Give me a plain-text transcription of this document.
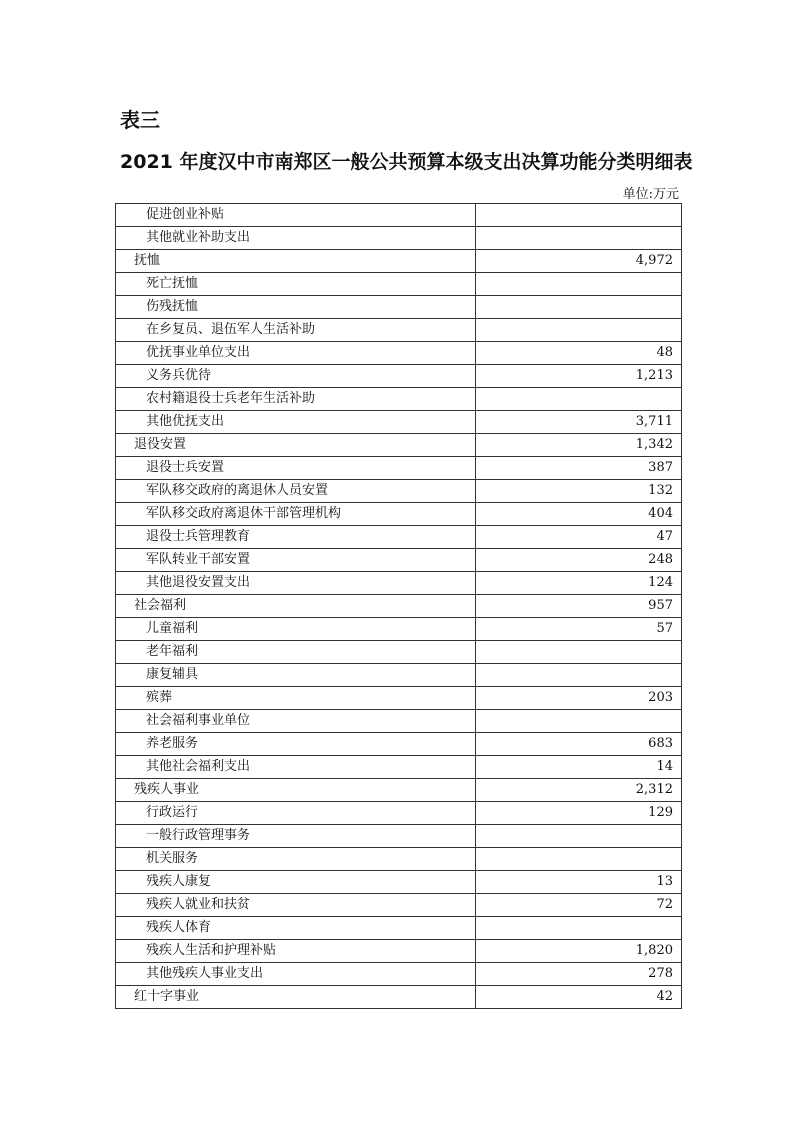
表三
2021 年度汉中市南郑区一般公共预算本级支出决算功能分类明细表
单位:万元
促进创业补贴	
其他就业补助支出	
抚恤	4,972
死亡抚恤	
伤残抚恤	
在乡复员、退伍军人生活补助	
优抚事业单位支出	48
义务兵优待	1,213
农村籍退役士兵老年生活补助	
其他优抚支出	3,711
退役安置	1,342
退役士兵安置	387
军队移交政府的离退休人员安置	132
军队移交政府离退休干部管理机构	404
退役士兵管理教育	47
军队转业干部安置	248
其他退役安置支出	124
社会福利	957
儿童福利	57
老年福利	
康复辅具	
殡葬	203
社会福利事业单位	
养老服务	683
其他社会福利支出	14
残疾人事业	2,312
行政运行	129
一般行政管理事务	
机关服务	
残疾人康复	13
残疾人就业和扶贫	72
残疾人体育	
残疾人生活和护理补贴	1,820
其他残疾人事业支出	278
红十字事业	42
